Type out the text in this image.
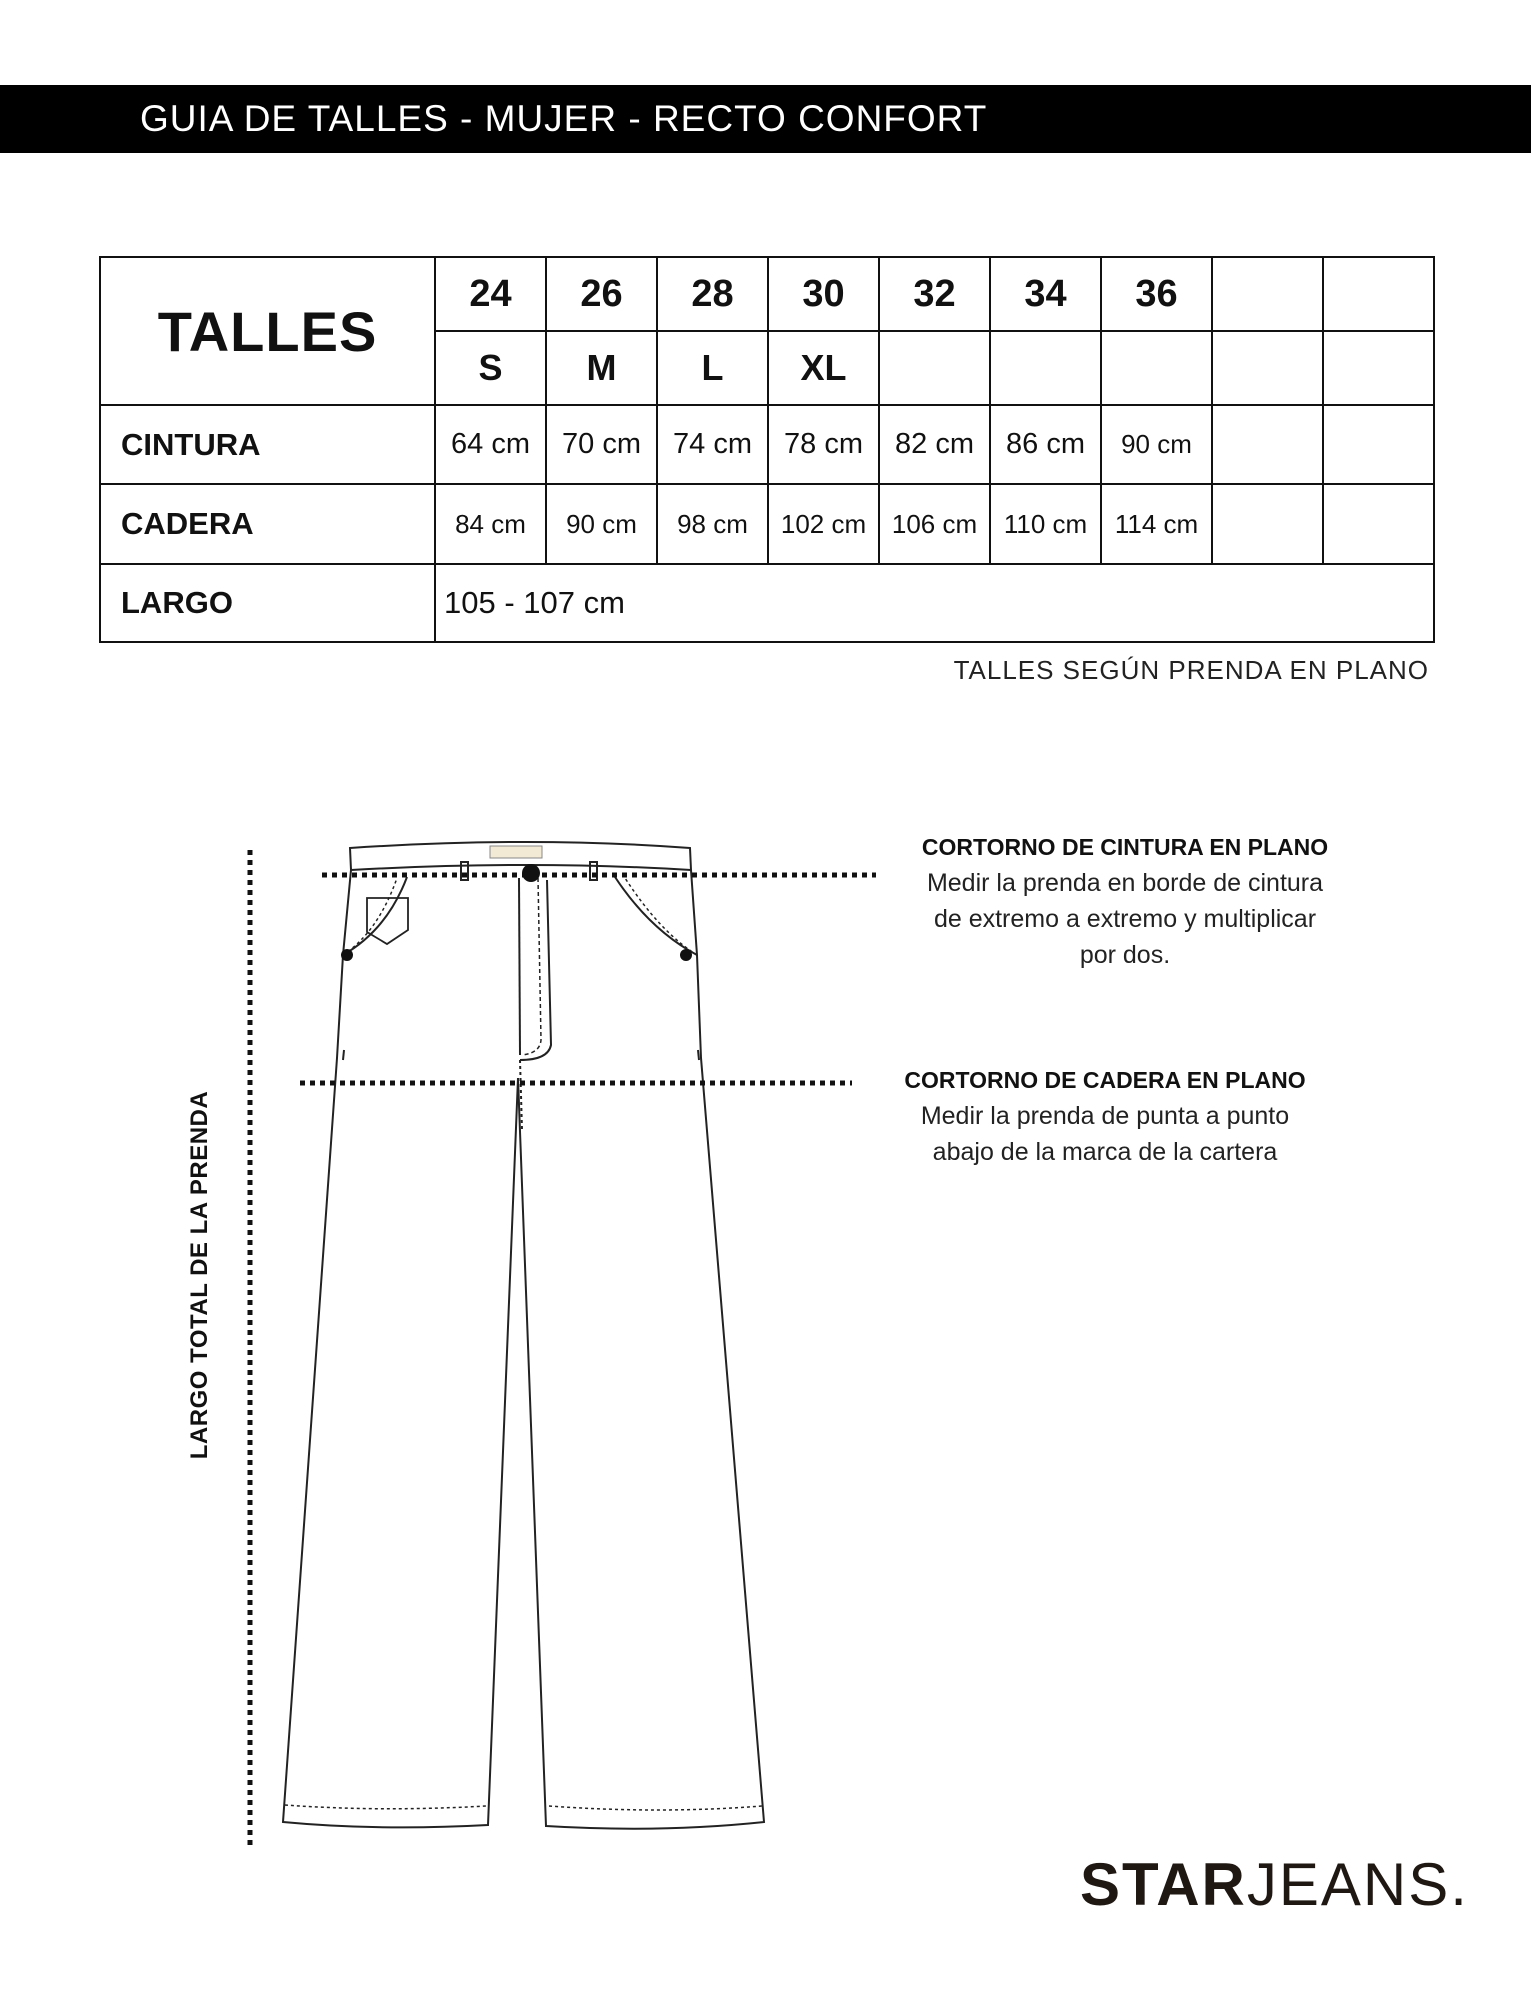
GUIA DE TALLES - MUJER - RECTO CONFORT
TALLES	24	26	28	30	32	34	36		
	S	M	L	XL					
CINTURA	64 cm	70 cm	74 cm	78 cm	82 cm	86 cm	90 cm		
CADERA	84 cm	90 cm	98 cm	102 cm	106 cm	110 cm	114 cm		
LARGO	105 - 107 cm								
TALLES SEGÚN PRENDA EN PLANO
LARGO TOTAL DE LA PRENDA
CORTORNO DE CINTURA EN PLANO
Medir la prenda en borde de cintura
de extremo a extremo y multiplicar
por dos.
CORTORNO DE CADERA EN PLANO
Medir la prenda de punta a punto
abajo de la marca de la cartera
STARJEANS.
